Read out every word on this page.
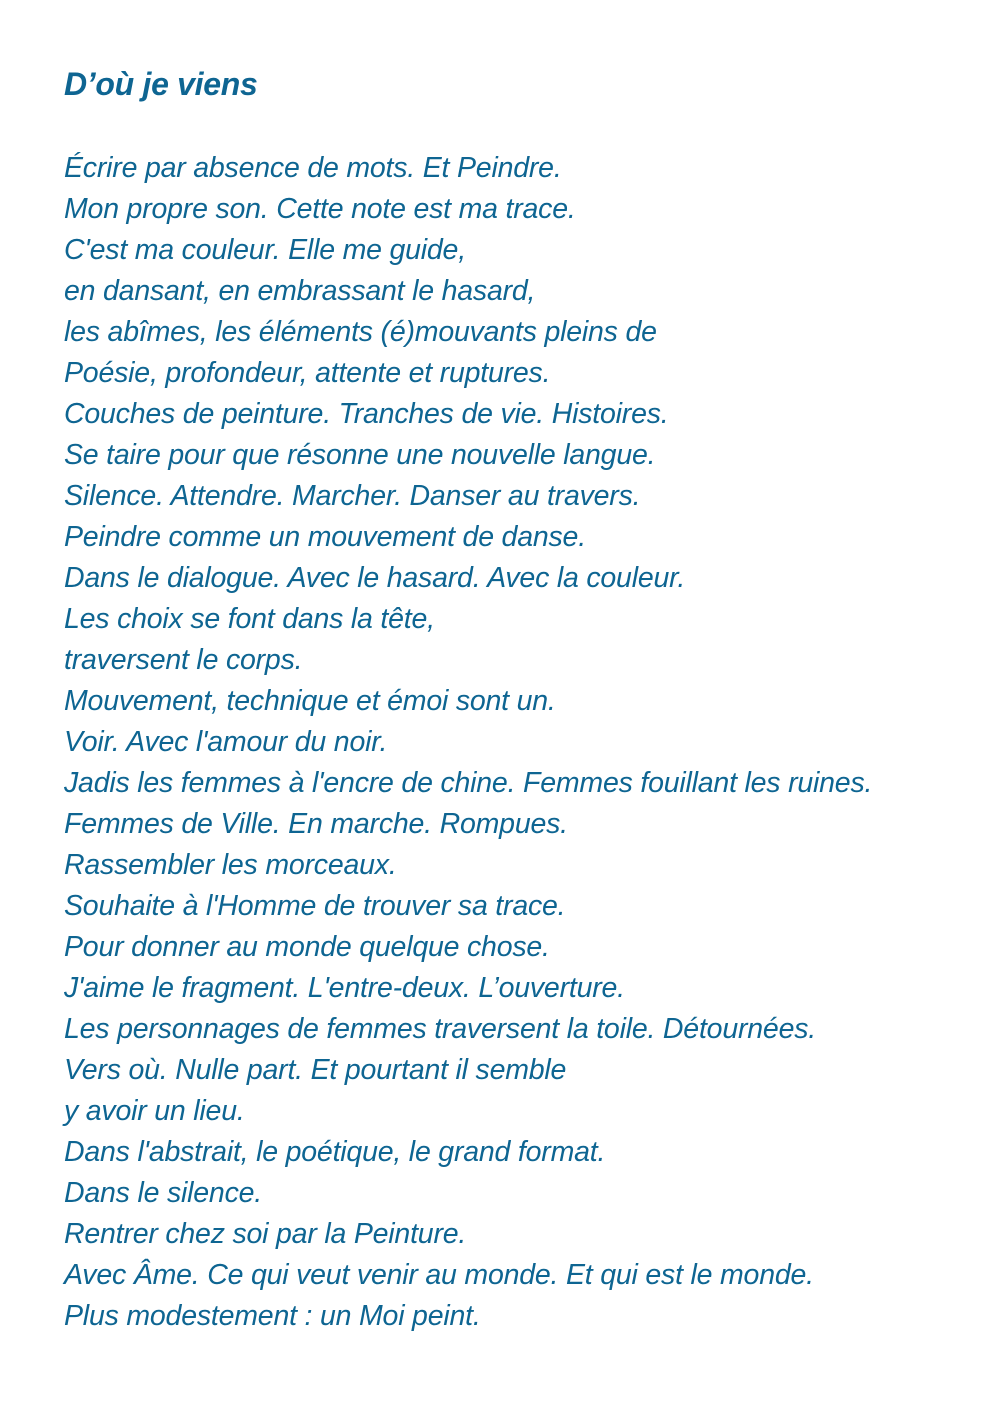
D’où je viens
Écrire par absence de mots. Et Peindre.
Mon propre son. Cette note est ma trace.
C'est ma couleur. Elle me guide,
en dansant, en embrassant le hasard,
les abîmes, les éléments (é)mouvants pleins de
Poésie, profondeur, attente et ruptures.
Couches de peinture. Tranches de vie. Histoires.
Se taire pour que résonne une nouvelle langue.
Silence. Attendre. Marcher. Danser au travers.
Peindre comme un mouvement de danse.
Dans le dialogue. Avec le hasard. Avec la couleur.
Les choix se font dans la tête,
traversent le corps.
Mouvement, technique et émoi sont un.
Voir. Avec l'amour du noir.
Jadis les femmes à l'encre de chine. Femmes fouillant les ruines.
Femmes de Ville. En marche. Rompues.
Rassembler les morceaux.
Souhaite à l'Homme de trouver sa trace.
Pour donner au monde quelque chose.
J'aime le fragment. L'entre-deux. L’ouverture.
Les personnages de femmes traversent la toile. Détournées.
Vers où. Nulle part. Et pourtant il semble
y avoir un lieu.
Dans l'abstrait, le poétique, le grand format.
Dans le silence.
Rentrer chez soi par la Peinture.
Avec Âme. Ce qui veut venir au monde. Et qui est le monde.
Plus modestement : un Moi peint.
